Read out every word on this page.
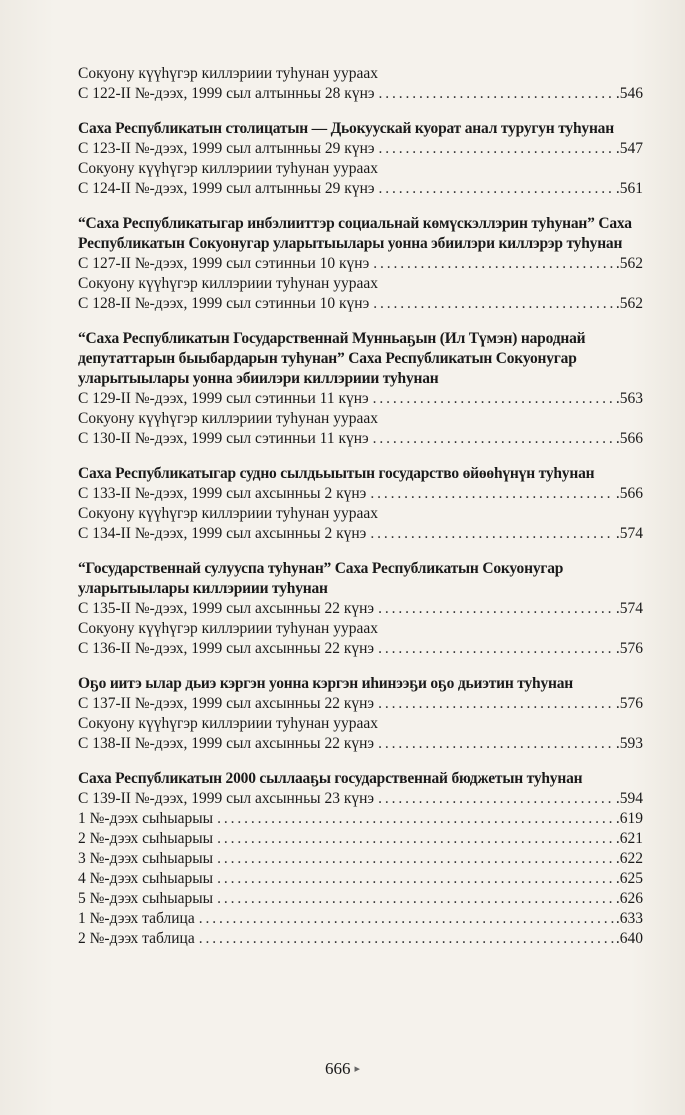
Сокуону күүһүгэр киллэриии туһунан уураах
С 122-II №-дээх, 1999 сыл алтынньы 28 күнэ . . .	.546
Саха Республикатын столицатын — Дьокуускай куорат анал туругун туһунан
С 123-II №-дээх, 1999 сыл алтынньы 29 күнэ . . .	.547
Сокуону күүһүгэр киллэриии туһунан уураах
С 124-II №-дээх, 1999 сыл алтынньы 29 күнэ . . .	.561
“Саха Республикатыгар инбэлииттэр социальнай көмүскэллэрин туһунан” Саха Республикатын Сокуонугар уларытыылары уонна эбиилэри киллэрэр туһунан
С 127-II №-дээх, 1999 сыл сэтинньи 10 күнэ . . .	.562
Сокуону күүһүгэр киллэриии туһунан уураах
С 128-II №-дээх, 1999 сыл сэтинньи 10 күнэ . . .	.562
“Саха Республикатын Государственнай Мунньаҕын (Ил Түмэн) народнай депутаттарын быыбардарын туһунан” Саха Республикатын Сокуонугар уларытыылары уонна эбиилэри киллэриии туһунан
С 129-II №-дээх, 1999 сыл сэтинньи 11 күнэ . . .	.563
Сокуону күүһүгэр киллэриии туһунан уураах
С 130-II №-дээх, 1999 сыл сэтинньи 11 күнэ . . .	.566
Саха Республикатыгар судно сылдьыытын государство өйөөһүнүн туһунан
С 133-II №-дээх, 1999 сыл ахсынньы 2 күнэ . . .	.566
Сокуону күүһүгэр киллэриии туһунан уураах
С 134-II №-дээх, 1999 сыл ахсынньы 2 күнэ . . .	.574
“Государственнай сулууспа туһунан” Саха Республикатын Сокуонугар уларытыылары киллэриии туһунан
С 135-II №-дээх, 1999 сыл ахсынньы 22 күнэ . . .	.574
Сокуону күүһүгэр киллэриии туһунан уураах
С 136-II №-дээх, 1999 сыл ахсынньы 22 күнэ . . .	.576
Оҕо иитэ ылар дьиэ кэргэн уонна кэргэн иһинээҕи оҕо дьиэтин туһунан
С 137-II №-дээх, 1999 сыл ахсынньы 22 күнэ . . .	.576
Сокуону күүһүгэр киллэриии туһунан уураах
С 138-II №-дээх, 1999 сыл ахсынньы 22 күнэ . . .	.593
Саха Республикатын 2000 сыллааҕы государственнай бюджетын туһунан
С 139-II №-дээх, 1999 сыл ахсынньы 23 күнэ . . .	.594
1 №-дээх сыһыарыы . . .	.619
2 №-дээх сыһыарыы . . .	.621
3 №-дээх сыһыарыы . . .	.622
4 №-дээх сыһыарыы . . .	.625
5 №-дээх сыһыарыы . . .	.626
1 №-дээх таблица . . .	.633
2 №-дээх таблица . . .	.640
666 ▸
